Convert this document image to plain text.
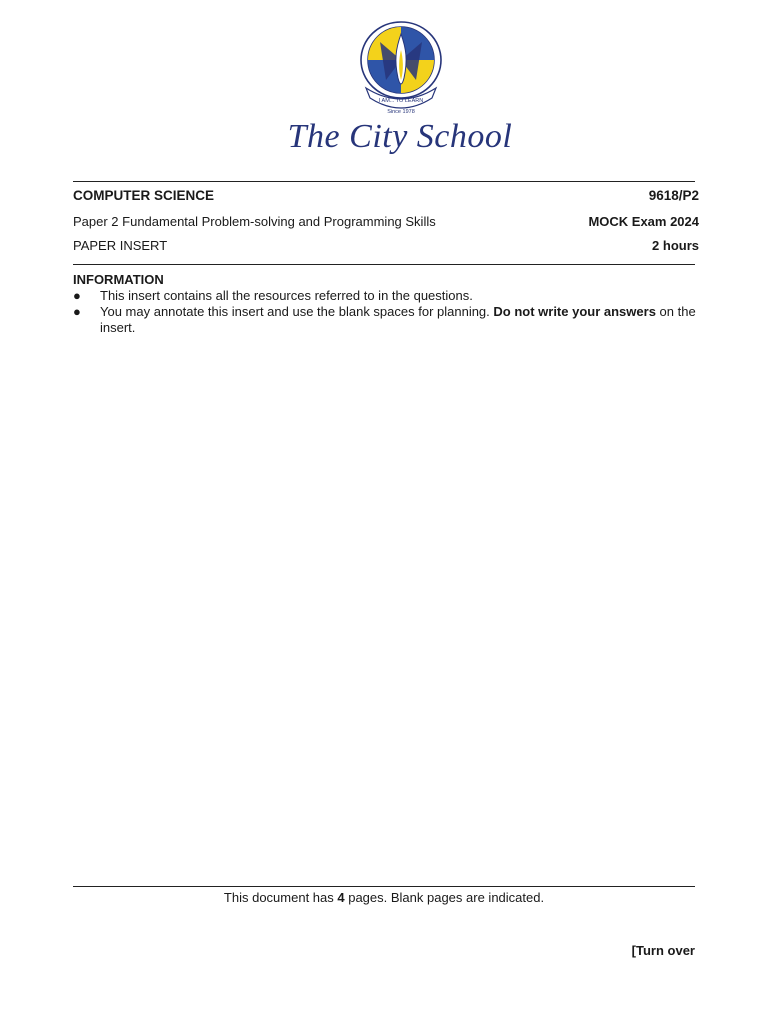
I AM... TO LEARN
Since 1978
The City School
COMPUTER SCIENCE	9618/P2
Paper 2 Fundamental Problem-solving and Programming Skills	MOCK Exam 2024
PAPER INSERT	2 hours
INFORMATION
● This insert contains all the resources referred to in the questions.
● You may annotate this insert and use the blank spaces for planning. Do not write your answers on the insert.
This document has 4 pages. Blank pages are indicated.
[Turn over
